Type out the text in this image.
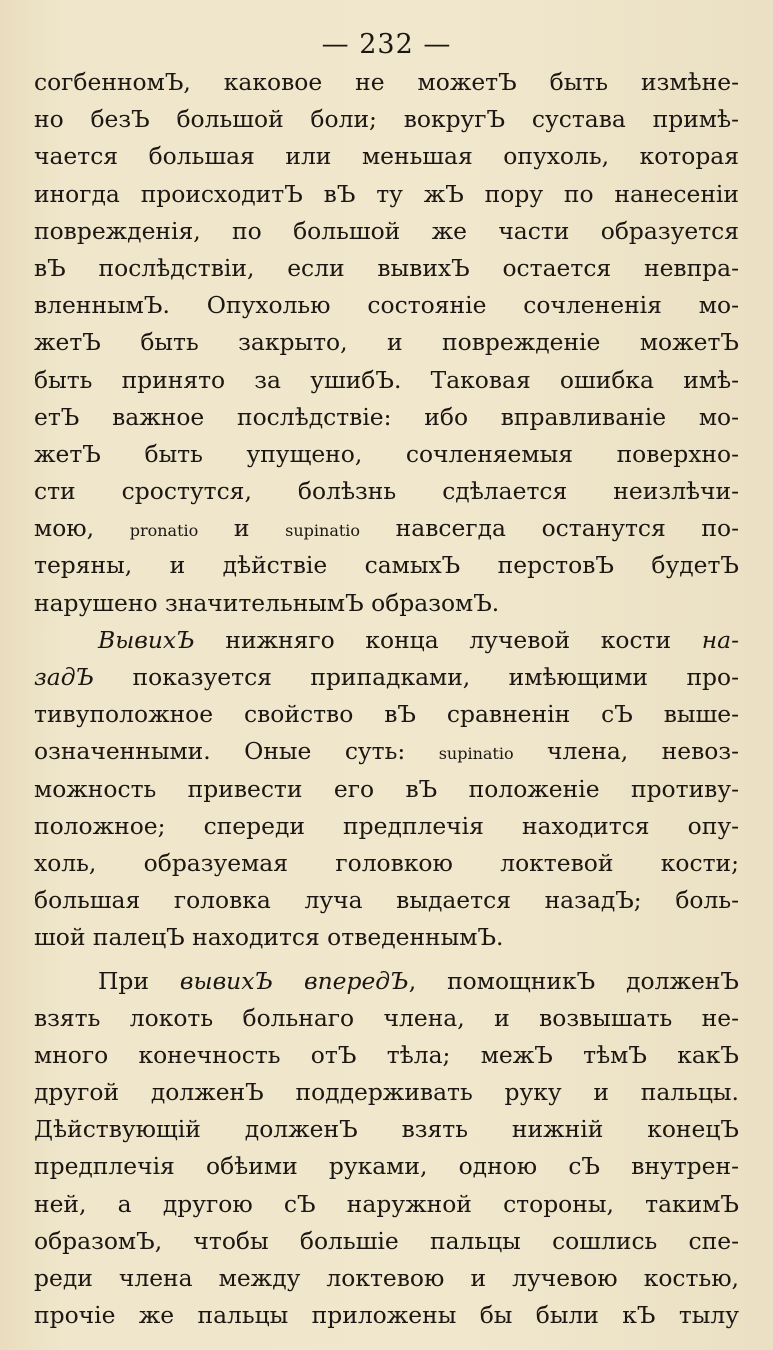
— 232 —
согбенномЪ, каковое не можетЪ быть измѣне-
но безЪ большой боли; вокругЪ сустава примѣ-
чается большая или меньшая опухоль, которая
иногда происходитЪ вЪ ту жЪ пору по нанесеніи
поврежденія, по большой же части образуется
вЪ послѣдствіи, если вывихЪ остается невпра-
вленнымЪ. Опухолью состояніе сочлененія мо-
жетЪ быть закрыто, и поврежденіе можетЪ
быть принято за ушибЪ. Таковая ошибка имѣ-
етЪ важное послѣдствіе: ибо вправливаніе мо-
жетЪ быть упущено, сочленяемыя поверхно-
сти сростутся, болѣзнь сдѣлается неизлѣчи-
мою, pronatio и supinatio навсегда останутся по-
теряны, и дѣйствіе самыхЪ перстовЪ будетЪ
нарушено значительнымЪ образомЪ.
ВывихЪ нижняго конца лучевой кости на-
задЪ показуется припадками, имѣющими про-
тивуположное свойство вЪ сравненін сЪ выше-
означенными. Оные суть: supinatio члена, невоз-
можность привести его вЪ положеніе противу-
положное; спереди предплечія находится опу-
холь, образуемая головкою локтевой кости;
большая головка луча выдается назадЪ; боль-
шой палецЪ находится отведеннымЪ.
При вывихЪ впередЪ, помощникЪ долженЪ
взять локоть больнаго члена, и возвышать не-
много конечность отЪ тѣла; межЪ тѣмЪ какЪ
другой долженЪ поддерживать руку и пальцы.
Дѣйствующій долженЪ взять нижній конецЪ
предплечія обѣими руками, одною сЪ внутрен-
ней, а другою сЪ наружной стороны, такимЪ
образомЪ, чтобы большіе пальцы сошлись спе-
реди члена между локтевою и лучевою костью,
прочіе же пальцы приложены бы были кЪ тылу
